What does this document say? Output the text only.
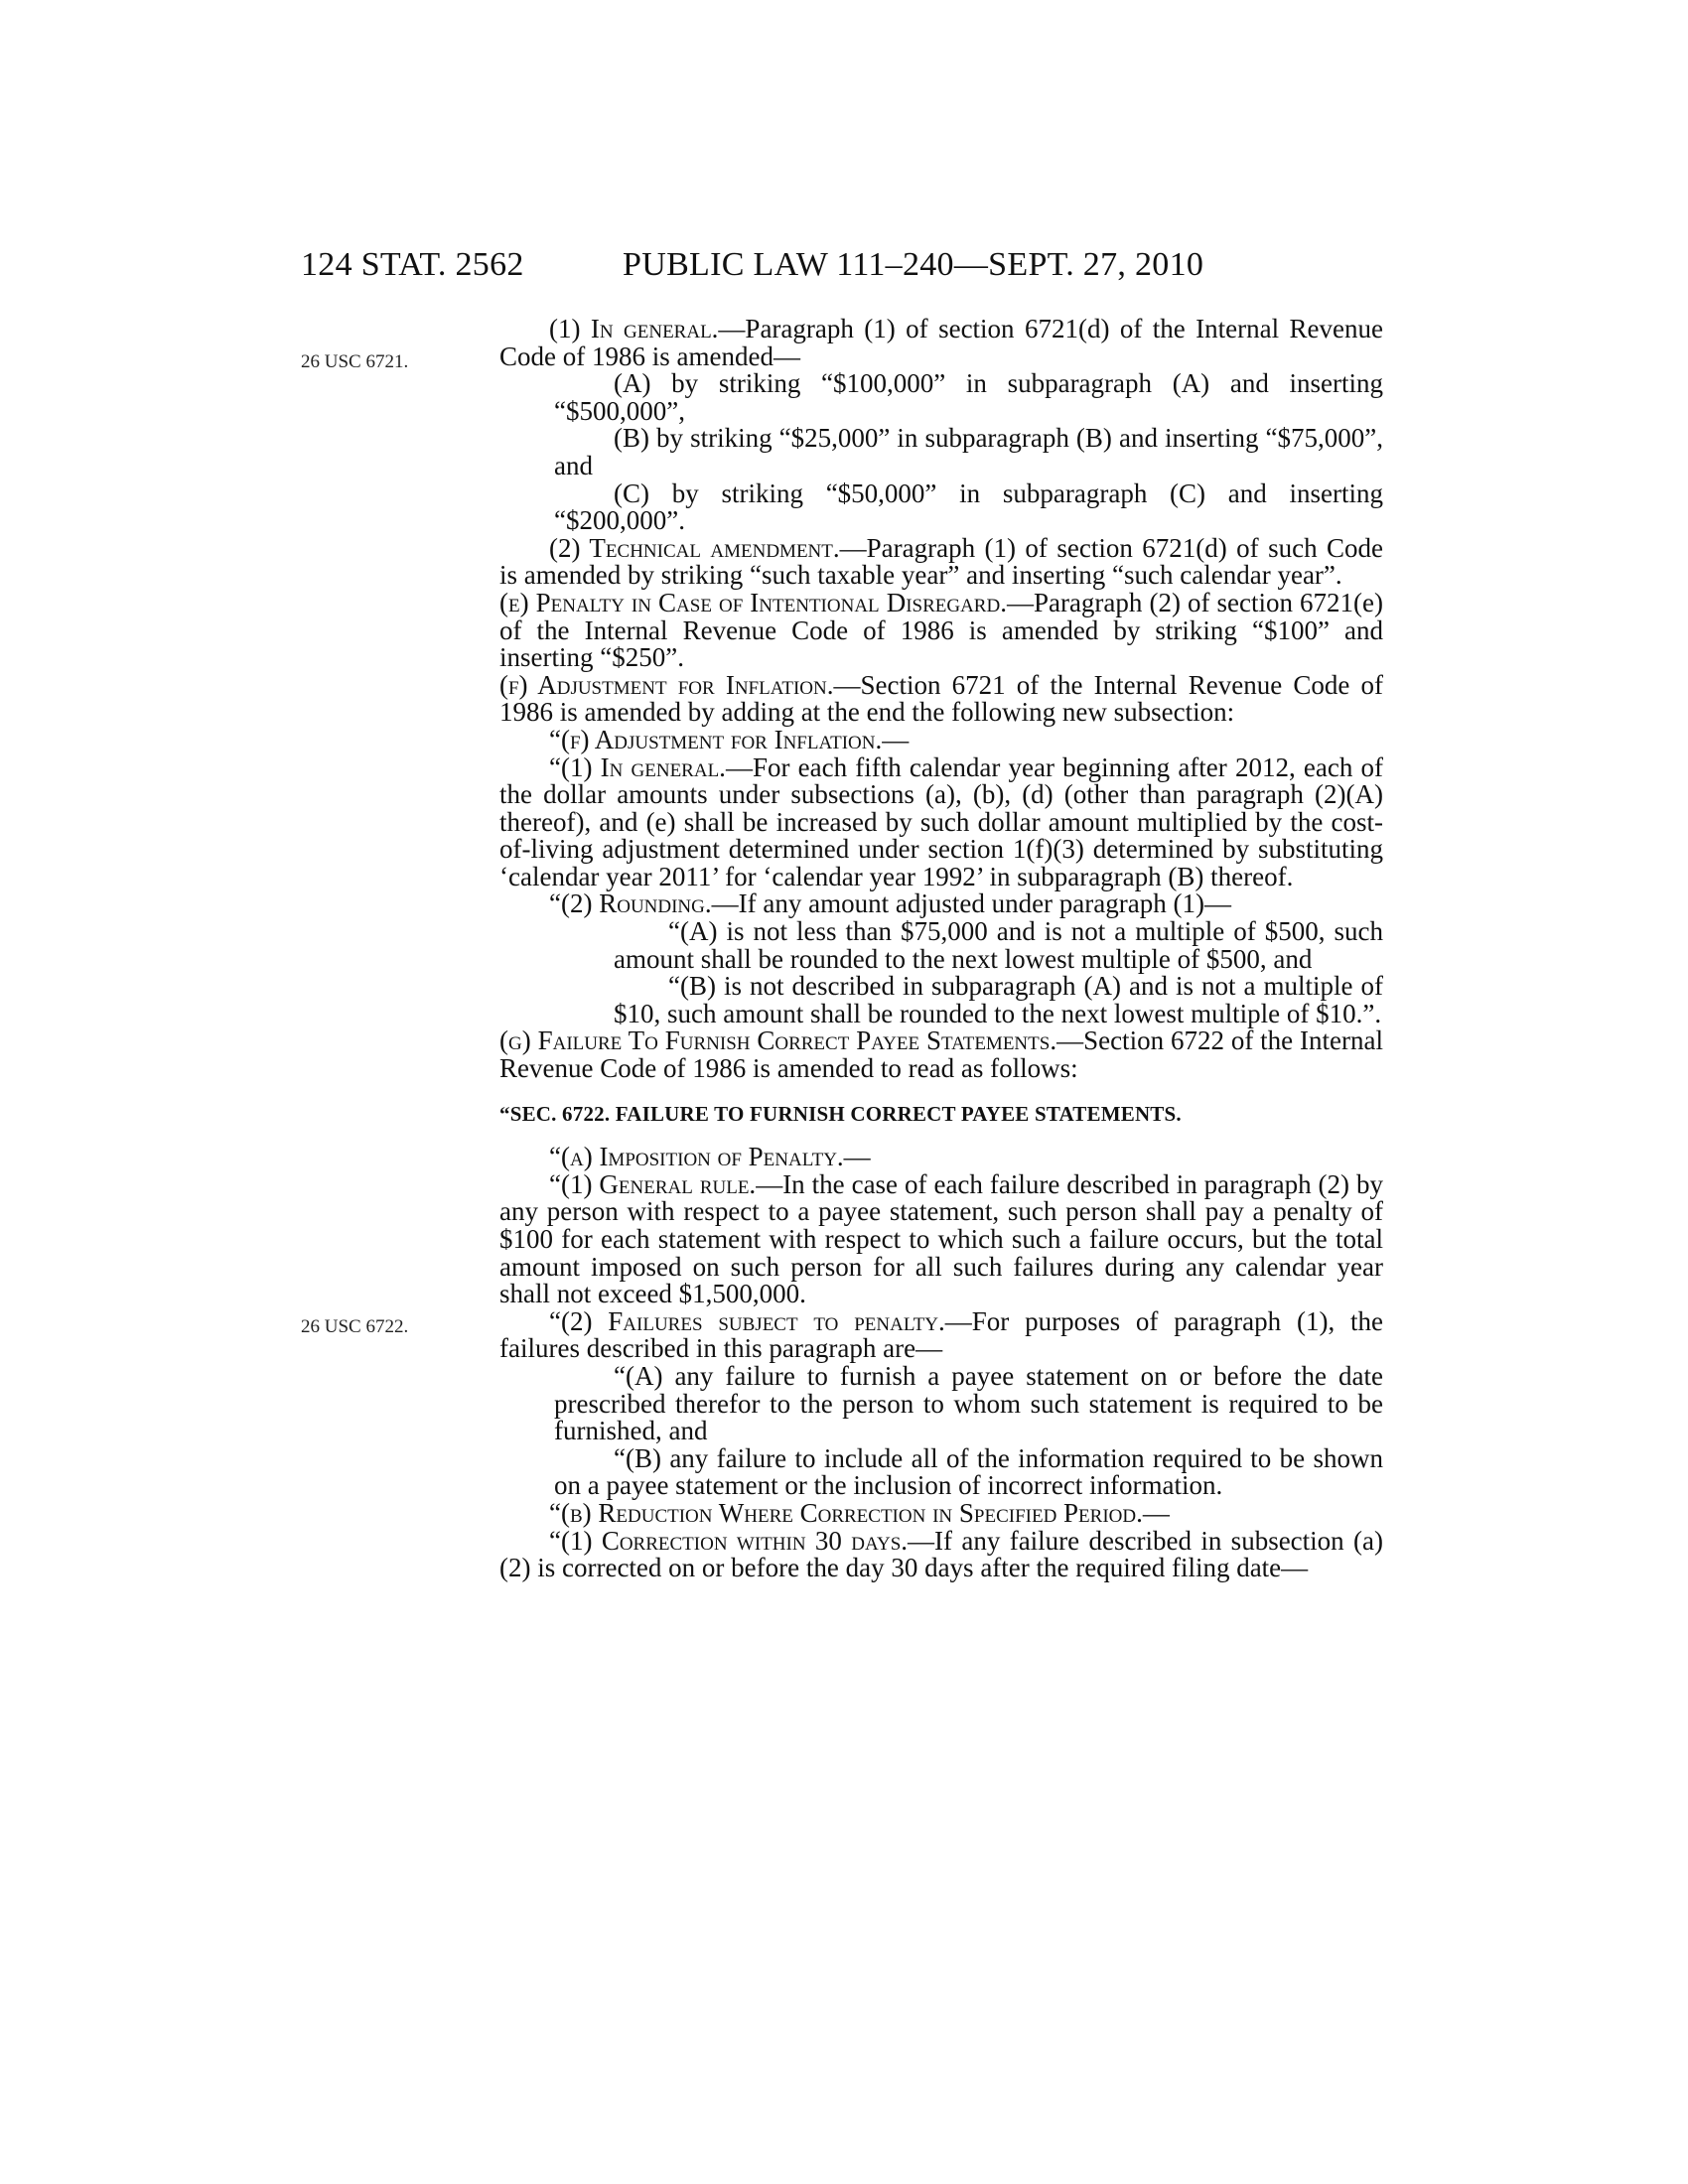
124 STAT. 2562	PUBLIC LAW 111–240—SEPT. 27, 2010
26 USC 6721.
26 USC 6722.

(1) In general.—Paragraph (1) of section 6721(d) of the Internal Revenue Code of 1986 is amended—

(A) by striking “$100,000” in subparagraph (A) and inserting “$500,000”,

(B) by striking “$25,000” in subparagraph (B) and inserting “$75,000”, and

(C) by striking “$50,000” in subparagraph (C) and inserting “$200,000”.

(2) Technical amendment.—Paragraph (1) of section 6721(d) of such Code is amended by striking “such taxable year” and inserting “such calendar year”.

(e) Penalty in Case of Intentional Disregard.—Paragraph (2) of section 6721(e) of the Internal Revenue Code of 1986 is amended by striking “$100” and inserting “$250”.

(f) Adjustment for Inflation.—Section 6721 of the Internal Revenue Code of 1986 is amended by adding at the end the following new subsection:

“(f) Adjustment for Inflation.—

“(1) In general.—For each fifth calendar year beginning after 2012, each of the dollar amounts under subsections (a), (b), (d) (other than paragraph (2)(A) thereof), and (e) shall be increased by such dollar amount multiplied by the cost-of-living adjustment determined under section 1(f)(3) determined by substituting ‘calendar year 2011’ for ‘calendar year 1992’ in subparagraph (B) thereof.

“(2) Rounding.—If any amount adjusted under paragraph (1)—

“(A) is not less than $75,000 and is not a multiple of $500, such amount shall be rounded to the next lowest multiple of $500, and

“(B) is not described in subparagraph (A) and is not a multiple of $10, such amount shall be rounded to the next lowest multiple of $10.”.

(g) Failure To Furnish Correct Payee Statements.—Section 6722 of the Internal Revenue Code of 1986 is amended to read as follows:

“SEC. 6722. FAILURE TO FURNISH CORRECT PAYEE STATEMENTS.

“(a) Imposition of Penalty.—

“(1) General rule.—In the case of each failure described in paragraph (2) by any person with respect to a payee statement, such person shall pay a penalty of $100 for each statement with respect to which such a failure occurs, but the total amount imposed on such person for all such failures during any calendar year shall not exceed $1,500,000.

“(2) Failures subject to penalty.—For purposes of paragraph (1), the failures described in this paragraph are—

“(A) any failure to furnish a payee statement on or before the date prescribed therefor to the person to whom such statement is required to be furnished, and

“(B) any failure to include all of the information required to be shown on a payee statement or the inclusion of incorrect information.

“(b) Reduction Where Correction in Specified Period.—

“(1) Correction within 30 days.—If any failure described in subsection (a)(2) is corrected on or before the day 30 days after the required filing date—
